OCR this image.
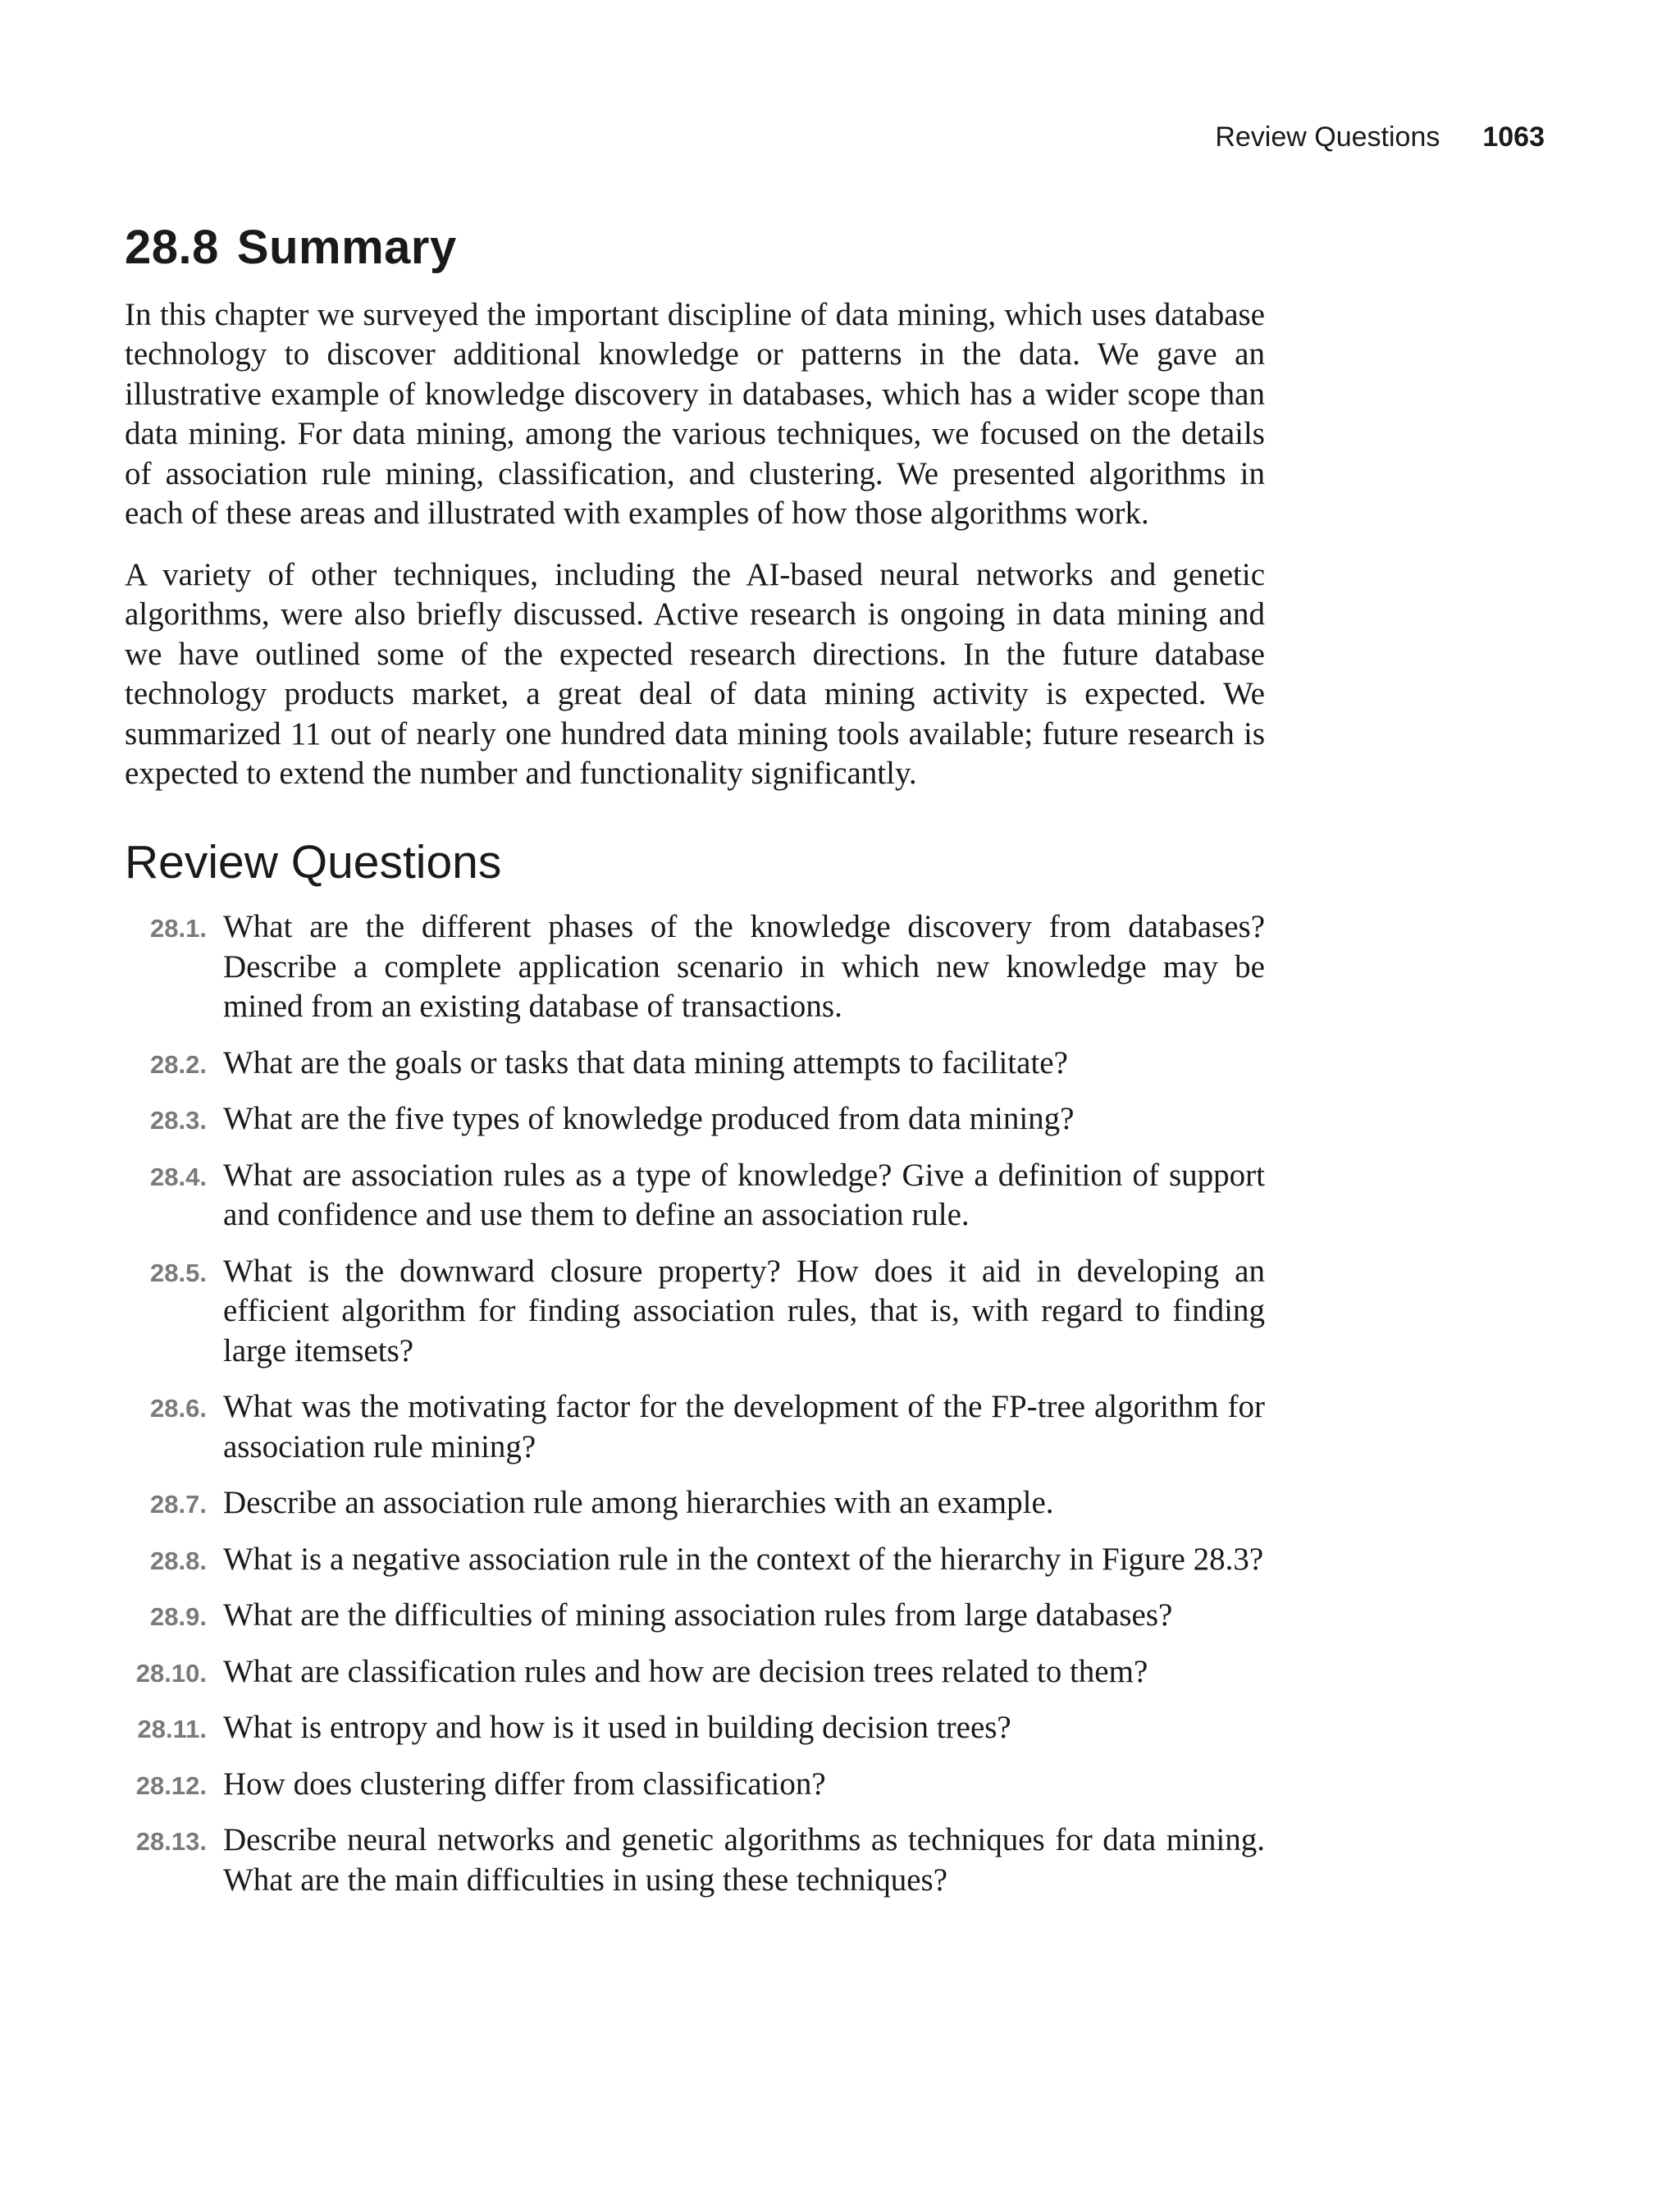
Review Questions 1063
28.8 Summary

In this chapter we surveyed the important discipline of data mining, which uses database technology to discover additional knowledge or patterns in the data. We gave an illustrative example of knowledge discovery in databases, which has a wider scope than data mining. For data mining, among the various techniques, we focused on the details of association rule mining, classification, and clustering. We presented algorithms in each of these areas and illustrated with examples of how those algorithms work.

A variety of other techniques, including the AI-based neural networks and genetic algorithms, were also briefly discussed. Active research is ongoing in data mining and we have outlined some of the expected research directions. In the future database technology products market, a great deal of data mining activity is expected. We summarized 11 out of nearly one hundred data mining tools available; future research is expected to extend the number and functionality significantly.

Review Questions
28.1. What are the different phases of the knowledge discovery from databases? Describe a complete application scenario in which new knowledge may be mined from an existing database of transactions.
28.2. What are the goals or tasks that data mining attempts to facilitate?
28.3. What are the five types of knowledge produced from data mining?
28.4. What are association rules as a type of knowledge? Give a definition of support and confidence and use them to define an association rule.
28.5. What is the downward closure property? How does it aid in developing an efficient algorithm for finding association rules, that is, with regard to finding large itemsets?
28.6. What was the motivating factor for the development of the FP-tree algorithm for association rule mining?
28.7. Describe an association rule among hierarchies with an example.
28.8. What is a negative association rule in the context of the hierarchy in Figure 28.3?
28.9. What are the difficulties of mining association rules from large databases?
28.10. What are classification rules and how are decision trees related to them?
28.11. What is entropy and how is it used in building decision trees?
28.12. How does clustering differ from classification?
28.13. Describe neural networks and genetic algorithms as techniques for data mining. What are the main difficulties in using these techniques?
